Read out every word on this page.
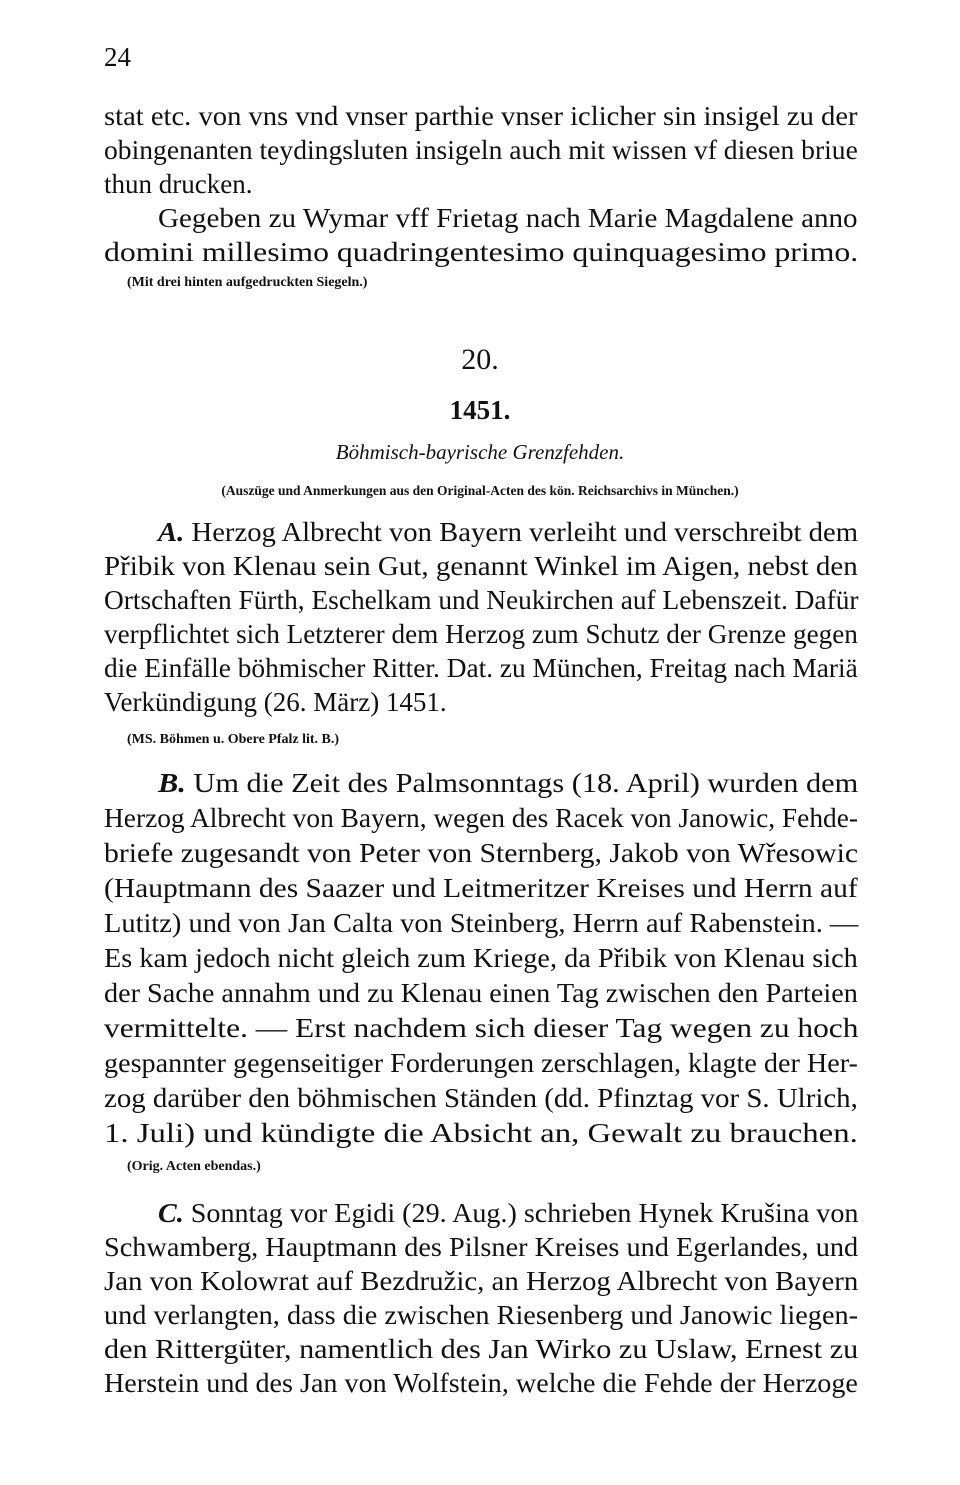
24
stat etc. von vns vnd vnser parthie vnser iclicher sin insigel zu der
obingenanten teydingsluten insigeln auch mit wissen vf diesen briue
thun drucken.
Gegeben zu Wymar vff Frietag nach Marie Magdalene anno
domini millesimo quadringentesimo quinquagesimo primo.
(Mit drei hinten aufgedruckten Siegeln.)
20.
1451.
Böhmisch-bayrische Grenzfehden.
(Auszüge und Anmerkungen aus den Original-Acten des kön. Reichsarchivs in München.)
A. Herzog Albrecht von Bayern verleiht und verschreibt dem
Přibik von Klenau sein Gut, genannt Winkel im Aigen, nebst den
Ortschaften Fürth, Eschelkam und Neukirchen auf Lebenszeit. Dafür
verpflichtet sich Letzterer dem Herzog zum Schutz der Grenze gegen
die Einfälle böhmischer Ritter. Dat. zu München, Freitag nach Mariä
Verkündigung (26. März) 1451.
(MS. Böhmen u. Obere Pfalz lit. B.)
B. Um die Zeit des Palmsonntags (18. April) wurden dem
Herzog Albrecht von Bayern, wegen des Racek von Janowic, Fehde-
briefe zugesandt von Peter von Sternberg, Jakob von Wřesowic
(Hauptmann des Saazer und Leitmeritzer Kreises und Herrn auf
Lutitz) und von Jan Calta von Steinberg, Herrn auf Rabenstein. —
Es kam jedoch nicht gleich zum Kriege, da Přibik von Klenau sich
der Sache annahm und zu Klenau einen Tag zwischen den Parteien
vermittelte. — Erst nachdem sich dieser Tag wegen zu hoch
gespannter gegenseitiger Forderungen zerschlagen, klagte der Her-
zog darüber den böhmischen Ständen (dd. Pfinztag vor S. Ulrich,
1. Juli) und kündigte die Absicht an, Gewalt zu brauchen.
(Orig. Acten ebendas.)
C. Sonntag vor Egidi (29. Aug.) schrieben Hynek Krušina von
Schwamberg, Hauptmann des Pilsner Kreises und Egerlandes, und
Jan von Kolowrat auf Bezdružic, an Herzog Albrecht von Bayern
und verlangten, dass die zwischen Riesenberg und Janowic liegen-
den Rittergüter, namentlich des Jan Wirko zu Uslaw, Ernest zu
Herstein und des Jan von Wolfstein, welche die Fehde der Herzoge
